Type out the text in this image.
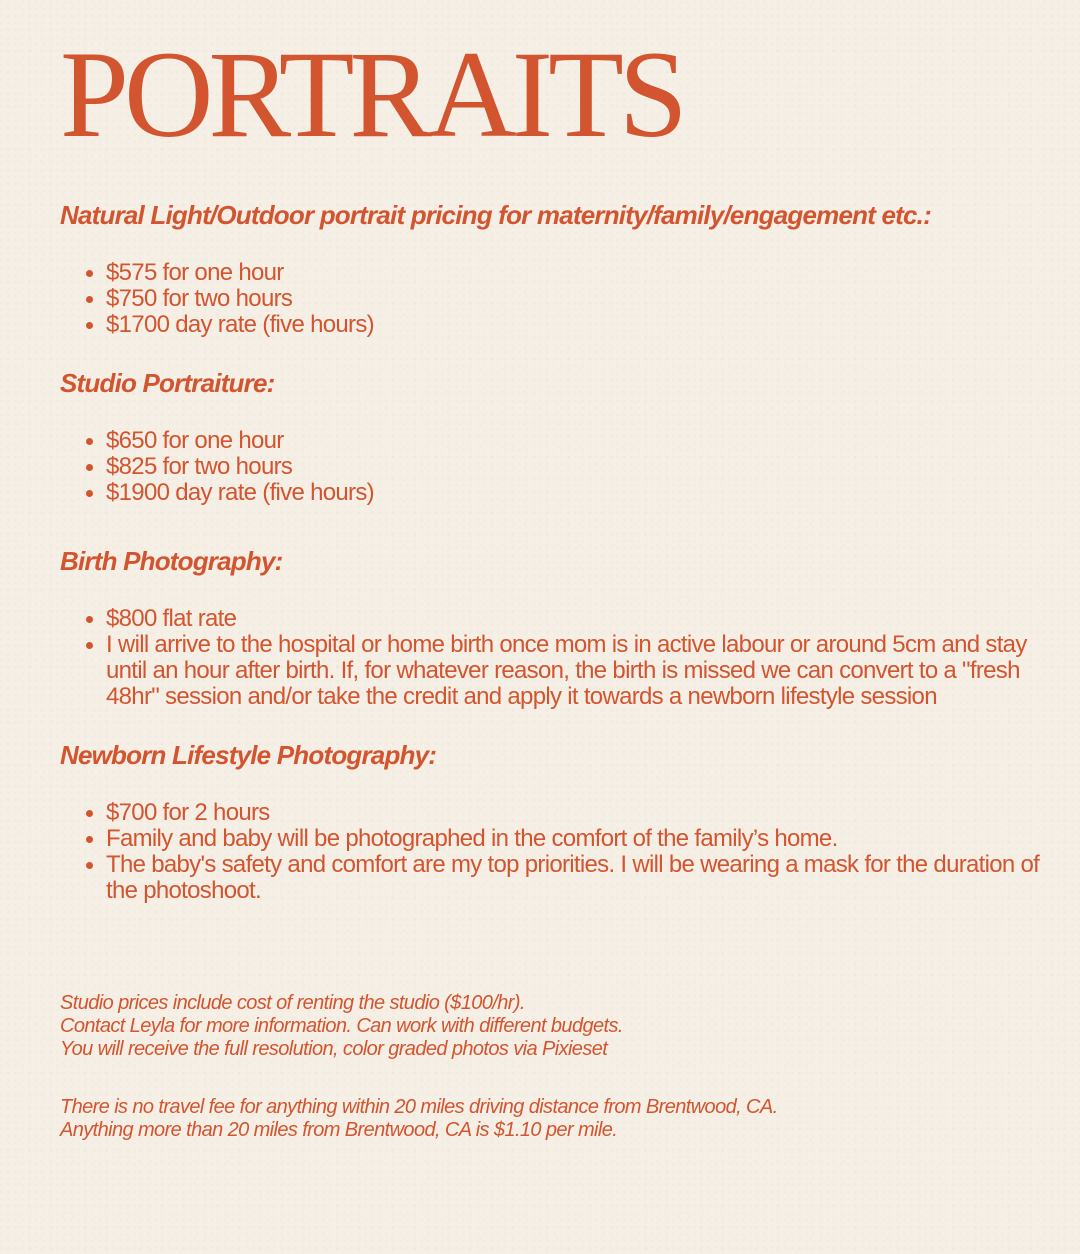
PORTRAITS
Natural Light/Outdoor portrait pricing for maternity/family/engagement etc.:
$575 for one hour
$750 for two hours
$1700 day rate (five hours)
Studio Portraiture:
$650 for one hour
$825 for two hours
$1900 day rate (five hours)
Birth Photography:
$800 flat rate
I will arrive to the hospital or home birth once mom is in active labour or around 5cm and stay until an hour after birth. If, for whatever reason, the birth is missed we can convert to a "fresh 48hr" session and/or take the credit and apply it towards a newborn lifestyle session
Newborn Lifestyle Photography:
$700 for 2 hours
Family and baby will be photographed in the comfort of the family’s home.
The baby's safety and comfort are my top priorities. I will be wearing a mask for the duration of the photoshoot.

Studio prices include cost of renting the studio ($100/hr).

Contact Leyla for more information. Can work with different budgets.

You will receive the full resolution, color graded photos via Pixieset

There is no travel fee for anything within 20 miles driving distance from Brentwood, CA.

Anything more than 20 miles from Brentwood, CA is $1.10 per mile.
